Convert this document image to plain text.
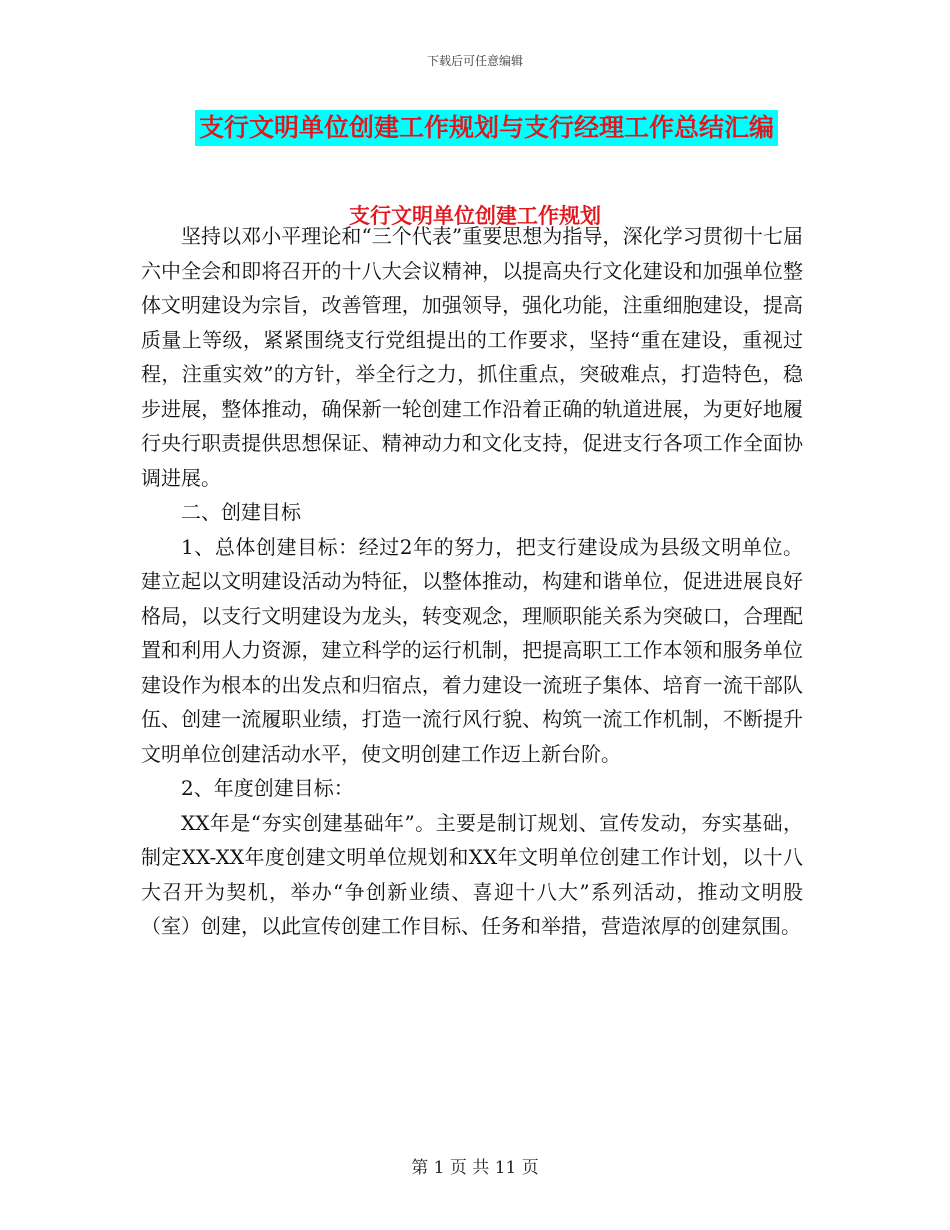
下载后可任意编辑
支行文明单位创建工作规划与支行经理工作总结汇编
支行文明单位创建工作规划

坚持以邓小平理论和“三个代表”重要思想为指导，深化学习贯彻十七届六中全会和即将召开的十八大会议精神，以提高央行文化建设和加强单位整体文明建设为宗旨，改善管理，加强领导，强化功能，注重细胞建设，提高质量上等级，紧紧围绕支行党组提出的工作要求，坚持“重在建设，重视过程，注重实效”的方针，举全行之力，抓住重点，突破难点，打造特色，稳步进展，整体推动，确保新一轮创建工作沿着正确的轨道进展，为更好地履行央行职责提供思想保证、精神动力和文化支持，促进支行各项工作全面协调进展。

二、创建目标

1、总体创建目标：经过2年的努力，把支行建设成为县级文明单位。建立起以文明建设活动为特征，以整体推动，构建和谐单位，促进进展良好格局，以支行文明建设为龙头，转变观念，理顺职能关系为突破口，合理配置和利用人力资源，建立科学的运行机制，把提高职工工作本领和服务单位建设作为根本的出发点和归宿点，着力建设一流班子集体、培育一流干部队伍、创建一流履职业绩，打造一流行风行貌、构筑一流工作机制，不断提升文明单位创建活动水平，使文明创建工作迈上新台阶。

2、年度创建目标：

XX年是“夯实创建基础年”。主要是制订规划、宣传发动，夯实基础，制定XX-XX年度创建文明单位规划和XX年文明单位创建工作计划，以十八大召开为契机，举办“争创新业绩、喜迎十八大”系列活动，推动文明股（室）创建，以此宣传创建工作目标、任务和举措，营造浓厚的创建氛围。

第 1 页 共 11 页
